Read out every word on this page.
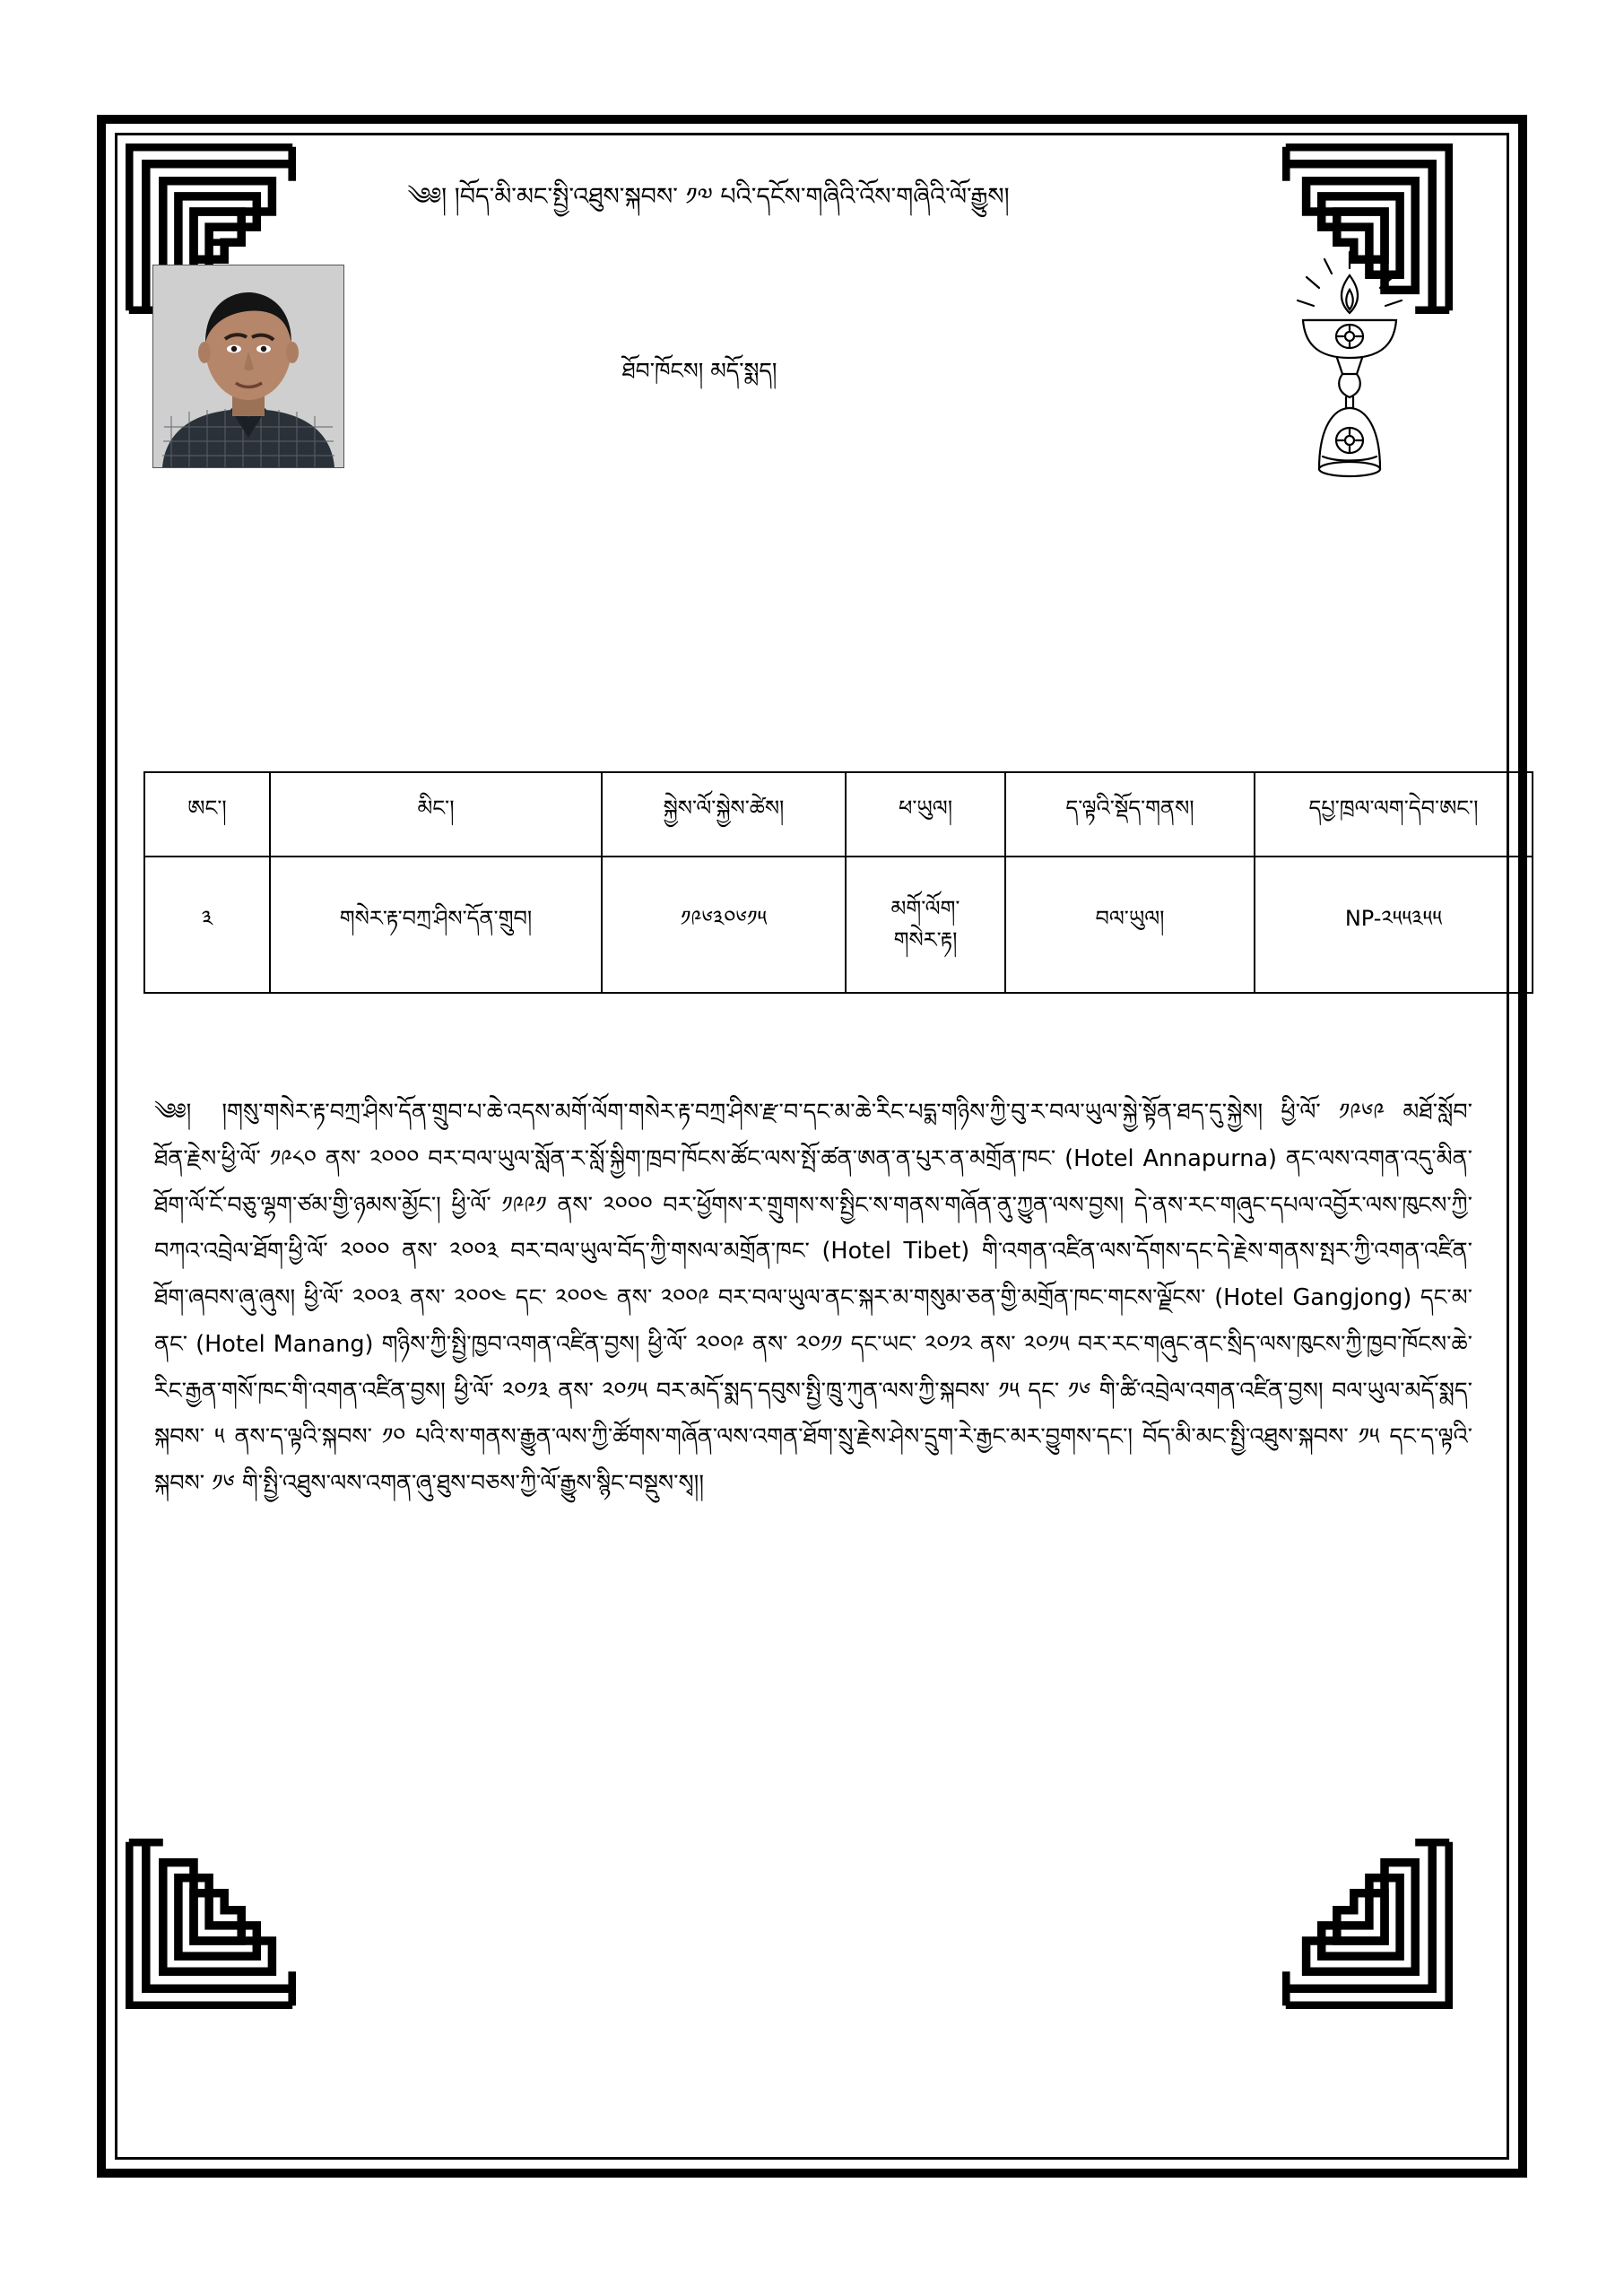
༄༅། །བོད་མི་མང་སྤྱི་འཐུས་སྐབས་ ༡༧ པའི་དངོས་གཞིའི་འོས་གཞིའི་ལོ་རྒྱུས།
ཐོབ་ཁོངས། མདོ་སྨད།
ཨང་།	མིང་།	སྐྱེས་ལོ་སྐྱེས་ཚེས།	ཕ་ཡུལ།	ད་ལྟའི་སྡོད་གནས།	དཔྱ་ཁྲལ་ལག་དེབ་ཨང་།
༣	གསེར་རྟ་བཀྲ་ཤིས་དོན་གྲུབ།	༡༩༦༣༠༦༡༥	མགོ་ལོག་
གསེར་རྟ།	བལ་ཡུལ།	NP-༢༥༥༣༥༥
༄༅། །གསུ་གསེར་རྟ་བཀྲ་ཤིས་དོན་གྲུབ་པ་ཆེ་འདས་མགོ་ལོག་གསེར་རྟ་བཀྲ་ཤིས་རྫ་བ་དང་མ་ཆེ་རིང་པདྨ་གཉིས་ཀྱི་བུ་ར་བལ་ཡུལ་སྐྱེ་སྟོན་ཐད་དུ་སྐྱེས། ཕྱི་ལོ་ ༡༩༦༩ མཐོ་སློབ་ཐོན་རྗེས་ཕྱི་ལོ་ ༡༩༨༠ ནས་ ༢༠༠༠ བར་བལ་ཡུལ་སློན་ར་སློ་སྐྱིག་ཁྲབ་ཁོངས་ཚོང་ལས་སྤོ་ཚན་ཨན་ན་པུར་ན་མགྲོན་ཁང་ (Hotel Annapurna) ནང་ལས་འགན་འདུ་མིན་ཐོག་ལོ་ངོ་བཅུ་ལྷག་ཙམ་གྱི་ཉམས་མྱོང་། ཕྱི་ལོ་ ༡༩༩༡ ནས་ ༢༠༠༠ བར་ཕྱོགས་ར་གྲུགས་ས་སྤྱིང་ས་གནས་གཞོན་ནུ་ཀྱུན་ལས་བྱས། དེ་ནས་རང་གཞུང་དཔལ་འབྱོར་ལས་ཁུངས་ཀྱི་བཀའ་འབྲེལ་ཐོག་ཕྱི་ལོ་ ༢༠༠༠ ནས་ ༢༠༠༣ བར་བལ་ཡུལ་བོད་ཀྱི་གསལ་མགྲོན་ཁང་ (Hotel Tibet) གི་འགན་འཛིན་ལས་དོགས་དང་དེ་རྗེས་གནས་སྤར་ཀྱི་འགན་འཛིན་ཐོག་ཞབས་ཞུ་ཞུས། ཕྱི་ལོ་ ༢༠༠༣ ནས་ ༢༠༠༤ དང་ ༢༠༠༤ ནས་ ༢༠༠༩ བར་བལ་ཡུལ་ནང་སྐར་མ་གསུམ་ཅན་གྱི་མགྲོན་ཁང་གངས་ལྗོངས་ (Hotel Gangjong) དང་མ་ནང་ (Hotel Manang) གཉིས་ཀྱི་སྤྱི་ཁྱབ་འགན་འཛིན་བྱས། ཕྱི་ལོ་ ༢༠༠༩ ནས་ ༢༠༡༡ དང་ཡང་ ༢༠༡༢ ནས་ ༢༠༡༥ བར་རང་གཞུང་ནང་སྲིད་ལས་ཁུངས་ཀྱི་ཁྱབ་ཁོངས་ཆེ་རིང་རྒྱན་གསོ་ཁང་གི་འགན་འཛིན་བྱས། ཕྱི་ལོ་ ༢༠༡༣ ནས་ ༢༠༡༥ བར་མདོ་སྨད་དབུས་སྤྱི་ཁྲུ་ཀུན་ལས་ཀྱི་སྐབས་ ༡༥ དང་ ༡༦ གི་ཚི་འབྲེལ་འགན་འཛིན་བྱས། བལ་ཡུལ་མདོ་སྨད་སྐབས་ ༥ ནས་ད་ལྟའི་སྐབས་ ༡༠ པའི་ས་གནས་རྒྱུན་ལས་ཀྱི་ཚོགས་གཞོན་ལས་འགན་ཐོག་སྲུ་རྗེས་ཤེས་དྲུག་རེ་རྒྱང་མར་བྱུགས་དང་། བོད་མི་མང་སྤྱི་འཐུས་སྐབས་ ༡༥ དང་ད་ལྟའི་སྐབས་ ༡༦ གི་སྤྱི་འཐུས་ལས་འགན་ཞུ་ཐུས་བཅས་ཀྱི་ལོ་རྒྱུས་སྙིང་བསྡུས་སྭ།།
